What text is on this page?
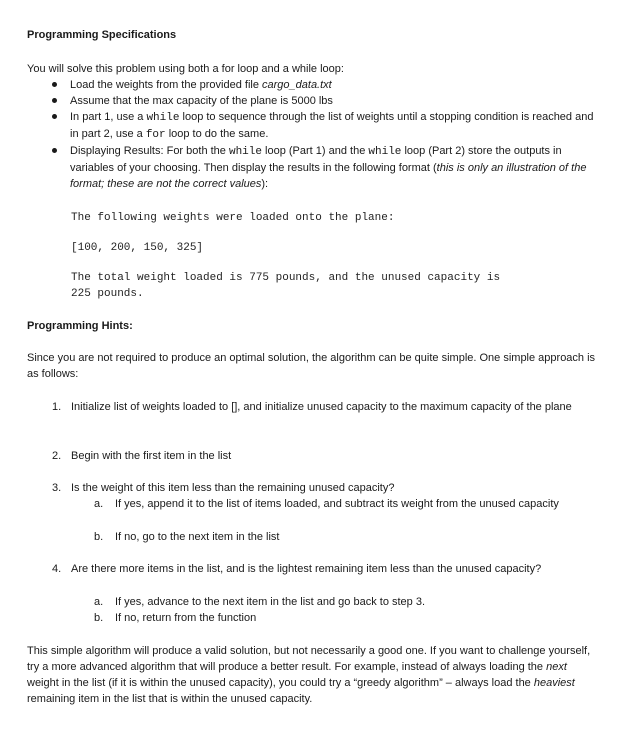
Programming Specifications
You will solve this problem using both a for loop and a while loop:
Load the weights from the provided file cargo_data.txt
Assume that the max capacity of the plane is 5000 lbs
In part 1, use a while loop to sequence through the list of weights until a stopping condition is reached and in part 2, use a for loop to do the same.
Displaying Results: For both the while loop (Part 1) and the while loop (Part 2) store the outputs in variables of your choosing. Then display the results in the following format (this is only an illustration of the format; these are not the correct values):
The following weights were loaded onto the plane:
[100, 200, 150, 325]
The total weight loaded is 775 pounds, and the unused capacity is
225 pounds.
Programming Hints:
Since you are not required to produce an optimal solution, the algorithm can be quite simple. One simple approach is as follows:
1. Initialize list of weights loaded to [], and initialize unused capacity to the maximum capacity of the plane
2. Begin with the first item in the list
3. Is the weight of this item less than the remaining unused capacity?
a.	If yes, append it to the list of items loaded, and subtract its weight from the unused capacity
b.	If no, go to the next item in the list
4. Are there more items in the list, and is the lightest remaining item less than the unused capacity?
a.	If yes, advance to the next item in the list and go back to step 3.
b.	If no, return from the function
This simple algorithm will produce a valid solution, but not necessarily a good one. If you want to challenge yourself, try a more advanced algorithm that will produce a better result. For example, instead of always loading the next weight in the list (if it is within the unused capacity), you could try a “greedy algorithm” – always load the heaviest remaining item in the list that is within the unused capacity.
